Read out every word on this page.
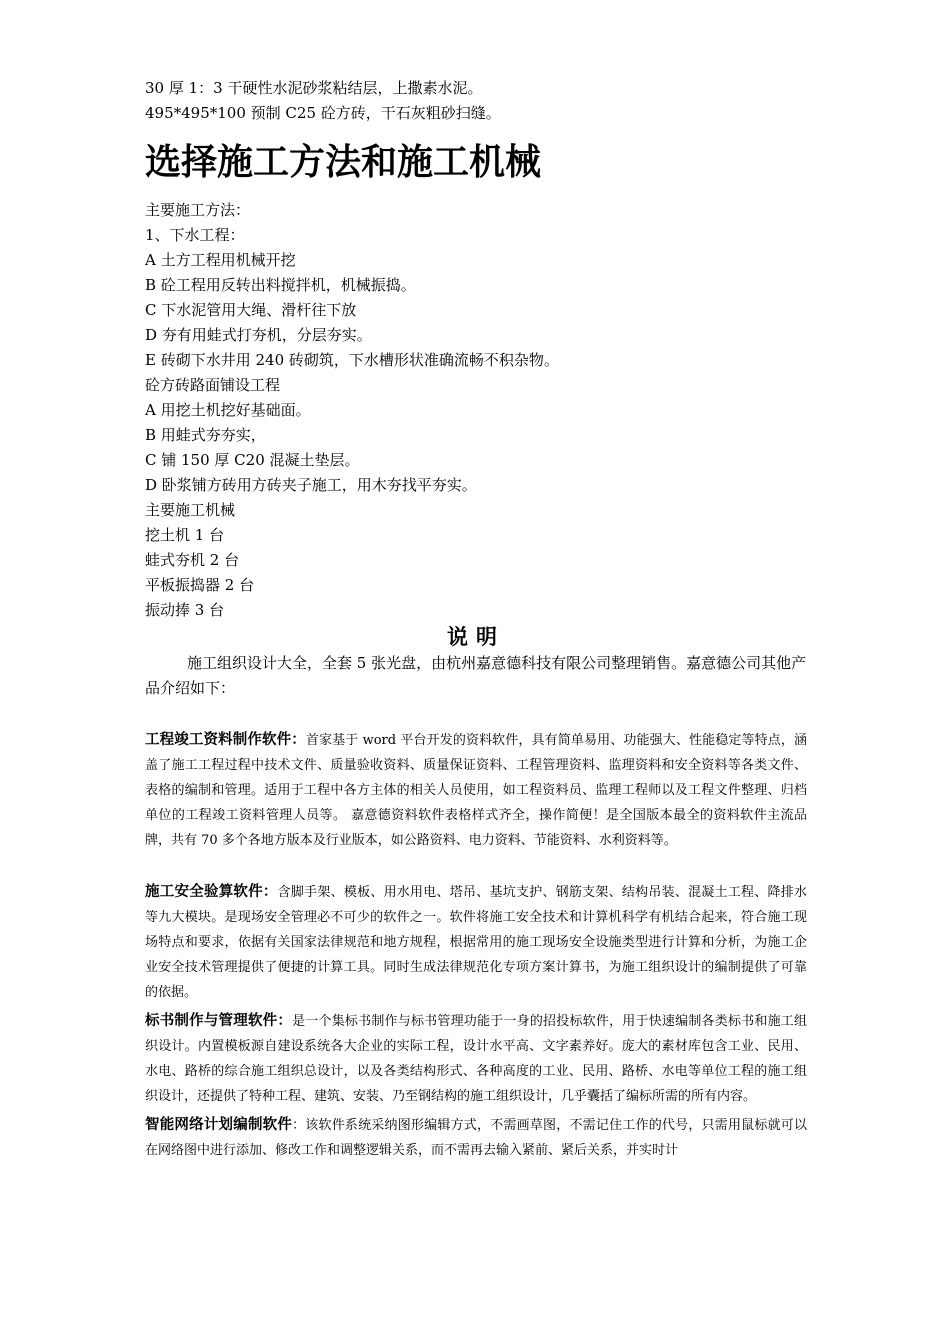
30 厚 1：3 干硬性水泥砂浆粘结层，上撒素水泥。
495*495*100 预制 C25 砼方砖，干石灰粗砂扫缝。
选择施工方法和施工机械
主要施工方法：
1、下水工程：
A 土方工程用机械开挖
B 砼工程用反转出料搅拌机，机械振捣。
C 下水泥管用大绳、滑杆往下放
D 夯有用蛙式打夯机，分层夯实。
E 砖砌下水井用 240 砖砌筑，下水槽形状准确流畅不积杂物。
砼方砖路面铺设工程
A 用挖土机挖好基础面。
B 用蛙式夯夯实，
C 铺 150 厚 C20 混凝土垫层。
D 卧浆铺方砖用方砖夹子施工，用木夯找平夯实。
主要施工机械
挖土机 1 台
蛙式夯机 2 台
平板振捣器 2 台
振动捧 3 台
说明
施工组织设计大全，全套 5 张光盘，由杭州嘉意德科技有限公司整理销售。嘉意德公司其他产品介绍如下：
工程竣工资料制作软件：首家基于 word 平台开发的资料软件，具有简单易用、功能强大、性能稳定等特点，涵盖了施工工程过程中技术文件、质量验收资料、质量保证资料、工程管理资料、监理资料和安全资料等各类文件、表格的编制和管理。适用于工程中各方主体的相关人员使用，如工程资料员、监理工程师以及工程文件整理、归档单位的工程竣工资料管理人员等。 嘉意德资料软件表格样式齐全，操作简便！是全国版本最全的资料软件主流品牌，共有 70 多个各地方版本及行业版本，如公路资料、电力资料、节能资料、水利资料等。
施工安全验算软件：含脚手架、模板、用水用电、塔吊、基坑支护、钢筋支架、结构吊装、混凝土工程、降排水等九大模块。是现场安全管理必不可少的软件之一。软件将施工安全技术和计算机科学有机结合起来，符合施工现场特点和要求，依据有关国家法律规范和地方规程，根据常用的施工现场安全设施类型进行计算和分析，为施工企业安全技术管理提供了便捷的计算工具。同时生成法律规范化专项方案计算书，为施工组织设计的编制提供了可靠的依据。
标书制作与管理软件：是一个集标书制作与标书管理功能于一身的招投标软件，用于快速编制各类标书和施工组织设计。内置模板源自建设系统各大企业的实际工程，设计水平高、文字素养好。庞大的素材库包含工业、民用、水电、路桥的综合施工组织总设计，以及各类结构形式、各种高度的工业、民用、路桥、水电等单位工程的施工组织设计，还提供了特种工程、建筑、安装、乃至钢结构的施工组织设计，几乎囊括了编标所需的所有内容。
智能网络计划编制软件：该软件系统采纳图形编辑方式，不需画草图，不需记住工作的代号，只需用鼠标就可以在网络图中进行添加、修改工作和调整逻辑关系，而不需再去输入紧前、紧后关系，并实时计
